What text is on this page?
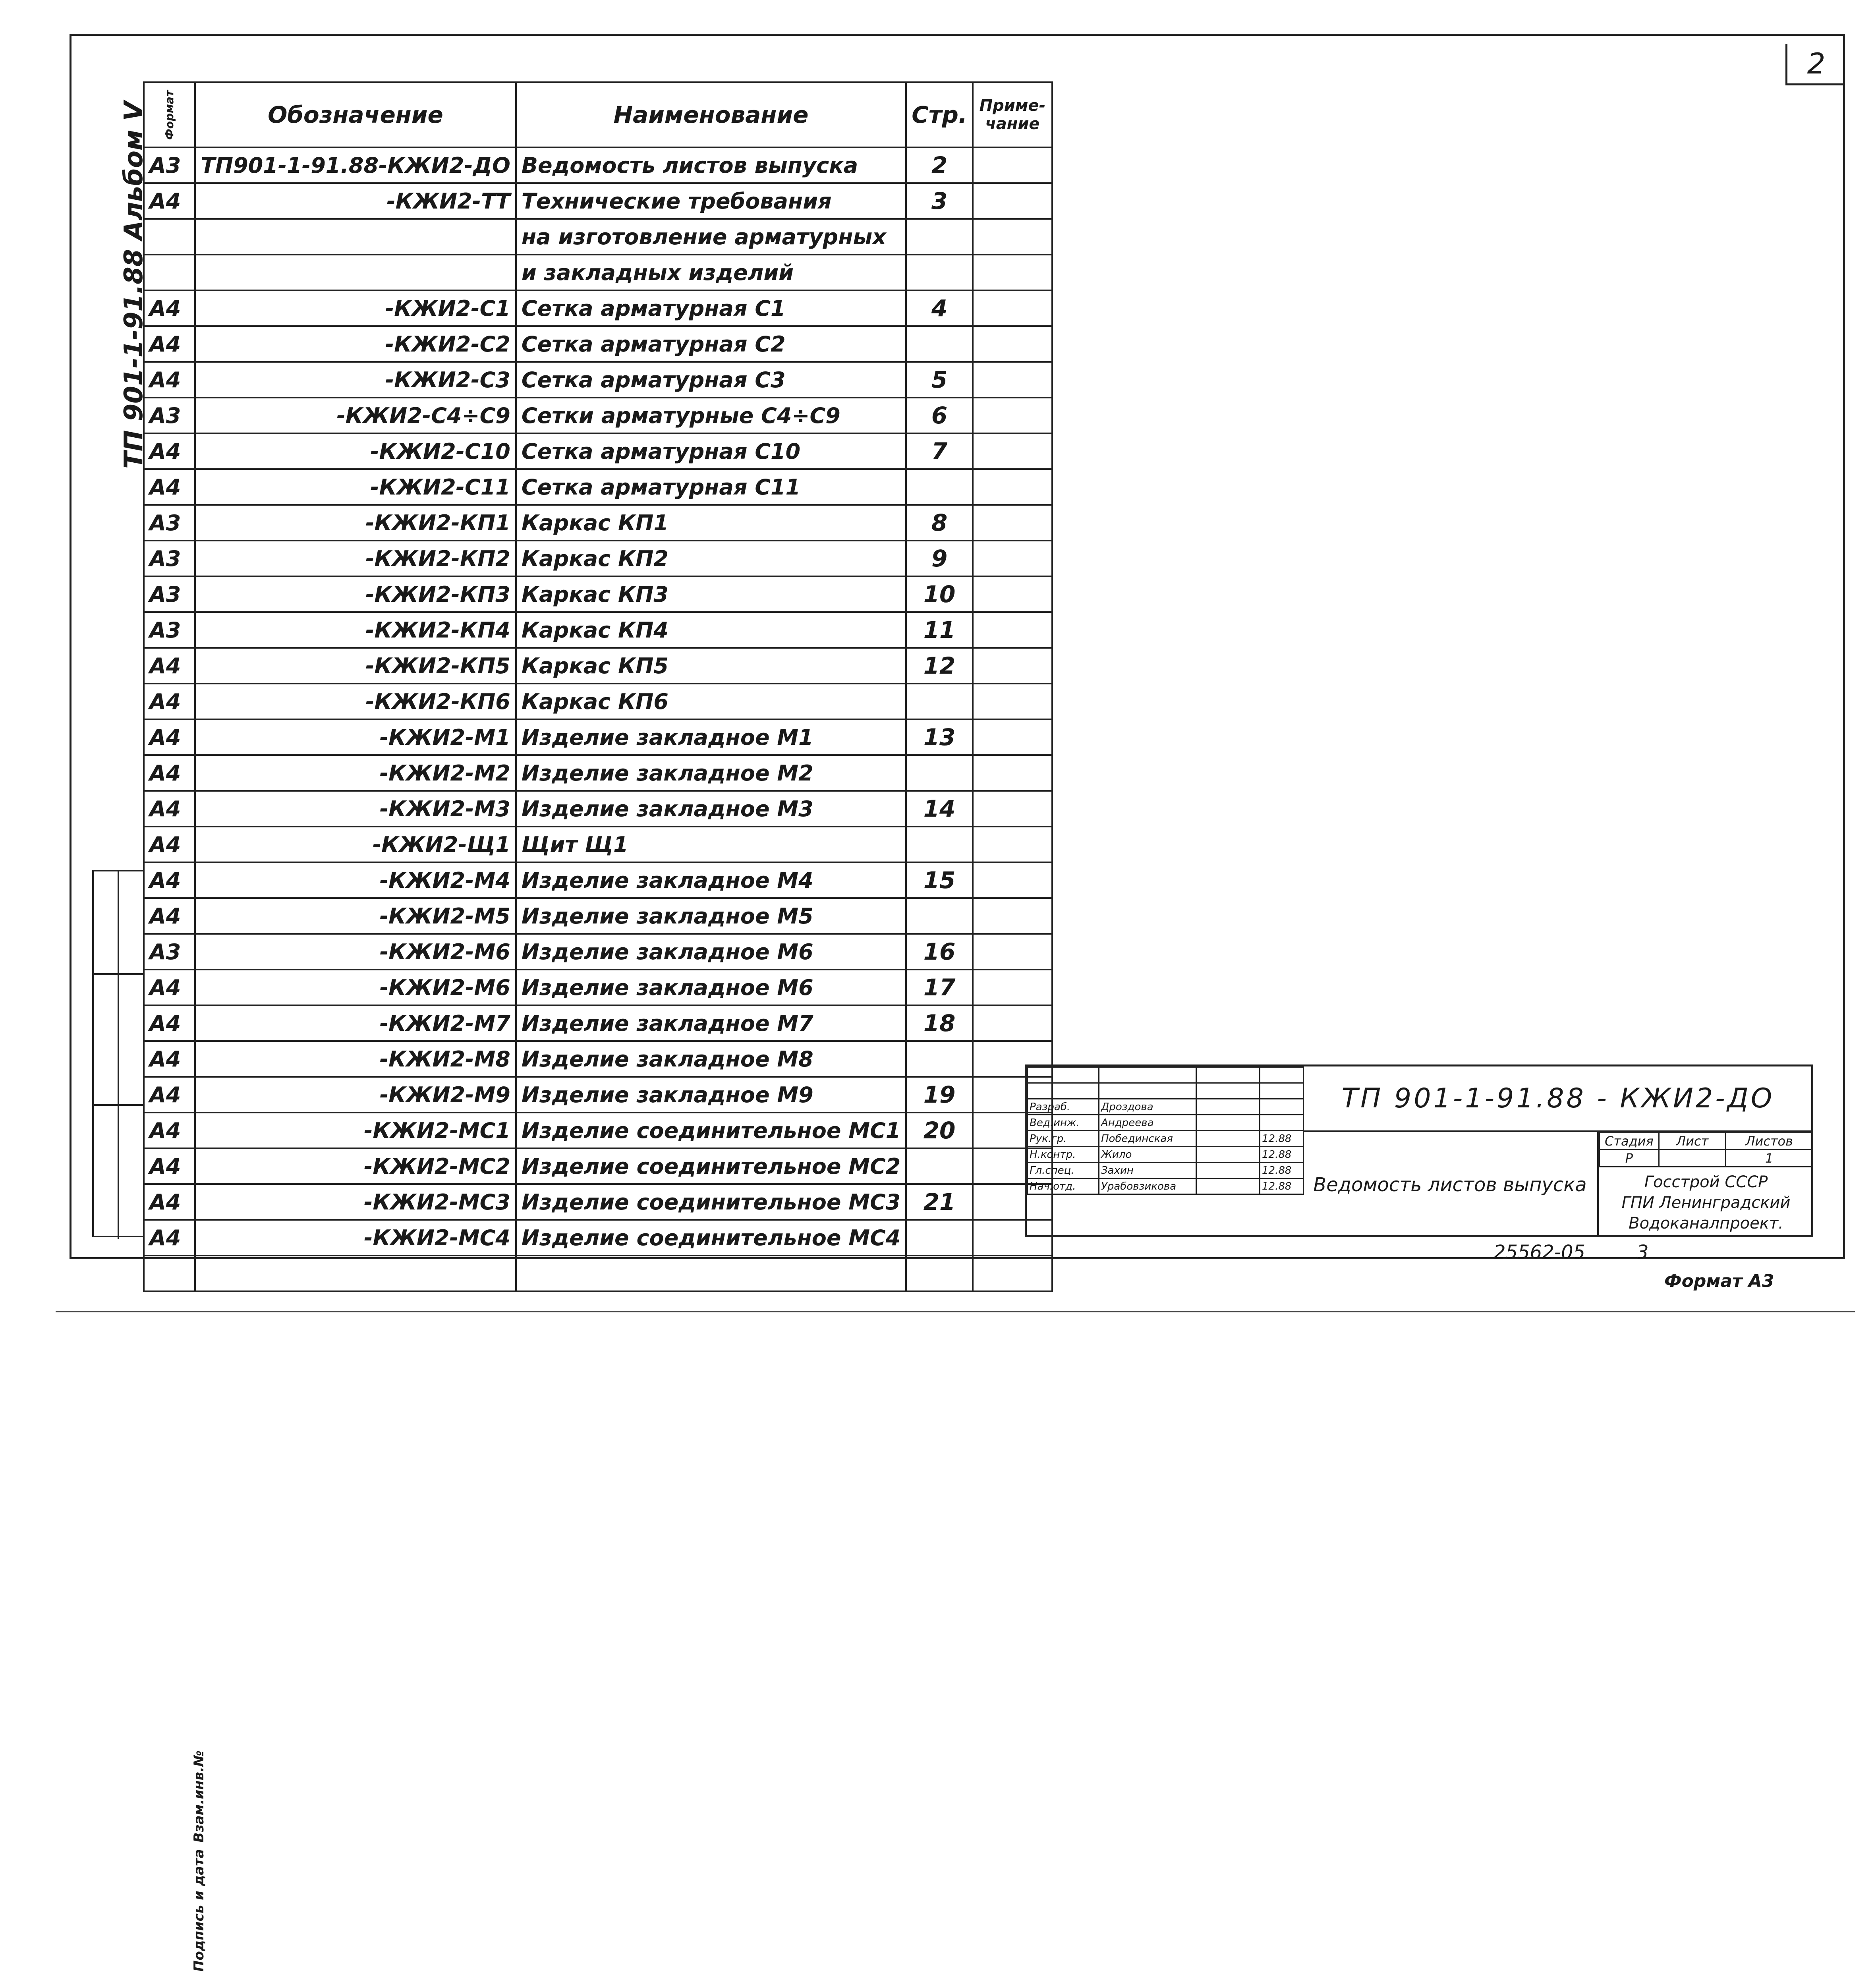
2
ТП 901-1-91.88 Альбом V Формат	Обозначение	Наименование	Стр.	Приме-
чание
А3	ТП901-1-91.88-КЖИ2-ДО	Ведомость листов выпуска	2	
А4	-КЖИ2-ТТ	Технические требования	3	
		на изготовление арматурных		
		и закладных изделий		
А4	-КЖИ2-С1	Сетка арматурная С1	4	
А4	-КЖИ2-С2	Сетка арматурная С2		
А4	-КЖИ2-С3	Сетка арматурная С3	5	
А3	-КЖИ2-С4÷С9	Сетки арматурные С4÷С9	6	
А4	-КЖИ2-С10	Сетка арматурная С10	7	
А4	-КЖИ2-С11	Сетка арматурная С11		
А3	-КЖИ2-КП1	Каркас КП1	8	
А3	-КЖИ2-КП2	Каркас КП2	9	
А3	-КЖИ2-КП3	Каркас КП3	10	
А3	-КЖИ2-КП4	Каркас КП4	11	
А4	-КЖИ2-КП5	Каркас КП5	12	
А4	-КЖИ2-КП6	Каркас КП6		
А4	-КЖИ2-М1	Изделие закладное М1	13	
А4	-КЖИ2-М2	Изделие закладное М2		
А4	-КЖИ2-М3	Изделие закладное М3	14	
А4	-КЖИ2-Щ1	Щит Щ1		
А4	-КЖИ2-М4	Изделие закладное М4	15	
А4	-КЖИ2-М5	Изделие закладное М5		
А3	-КЖИ2-М6	Изделие закладное М6	16	
А4	-КЖИ2-М6	Изделие закладное М6	17	
А4	-КЖИ2-М7	Изделие закладное М7	18	
А4	-КЖИ2-М8	Изделие закладное М8		
А4	-КЖИ2-М9	Изделие закладное М9	19	
А4	-КЖИ2-МС1	Изделие соединительное МС1	20	
А4	-КЖИ2-МС2	Изделие соединительное МС2		
А4	-КЖИ2-МС3	Изделие соединительное МС3	21	
А4	-КЖИ2-МС4	Изделие соединительное МС4		

Взам.инв.№
Подпись и дата

Разраб.	Дроздова		
Вед.инж.	Андреева		
Рук.гр.	Побединская		12.88
Н.контр.	Жило		12.88
Гл.спец.	Захин		12.88
Нач.отд.	Урабовзикова		12.88
ТП 901-1-91.88 - КЖИ2-ДО
Ведомость листов выпуска
Стадия	Лист	Листов
Р		1
Госстрой СССР
ГПИ Ленинградский
Водоканалпроект.
25562-05	3
Формат А3
